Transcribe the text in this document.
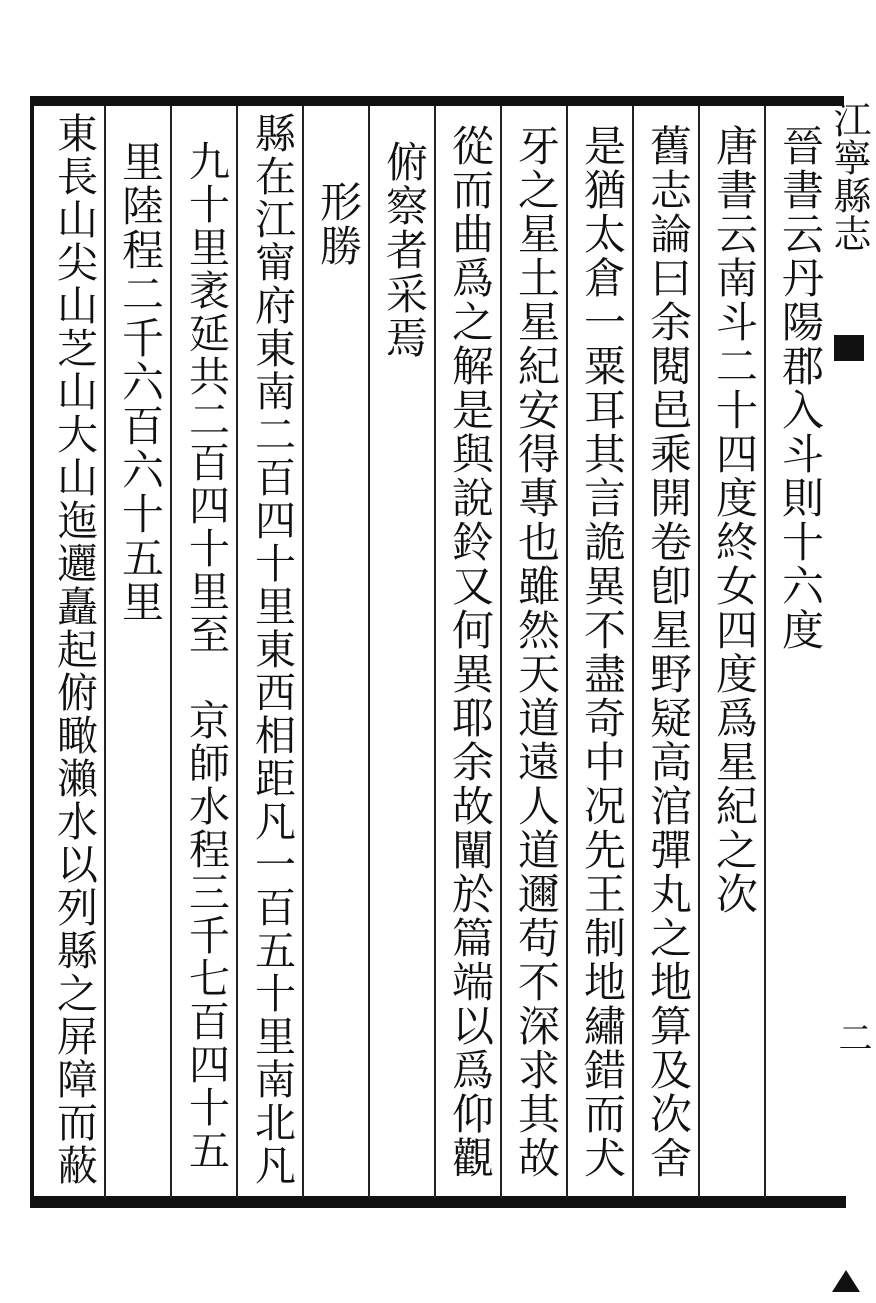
江寧縣志
二
晉書云丹陽郡入斗則十六度
唐書云南斗二十四度終女四度爲星紀之次
舊志論曰余閱邑乘開卷卽星野疑高涫彈丸之地算及次舍
是猶太倉一粟耳其言詭異不盡奇中况先王制地繡錯而犬
牙之星土星紀安得專也雖然天道遠人道邇苟不深求其故
從而曲爲之解是與說鈴又何異耶余故闡於篇端以爲仰觀
俯察者采焉
形勝
縣在江甯府東南二百四十里東西相距凡一百五十里南北凡
九十里袤延共二百四十里至　京師水程三千七百四十五
里陸程二千六百六十五里
東長山尖山芝山大山迤邐矗起俯瞰瀨水以列縣之屏障而蔽
